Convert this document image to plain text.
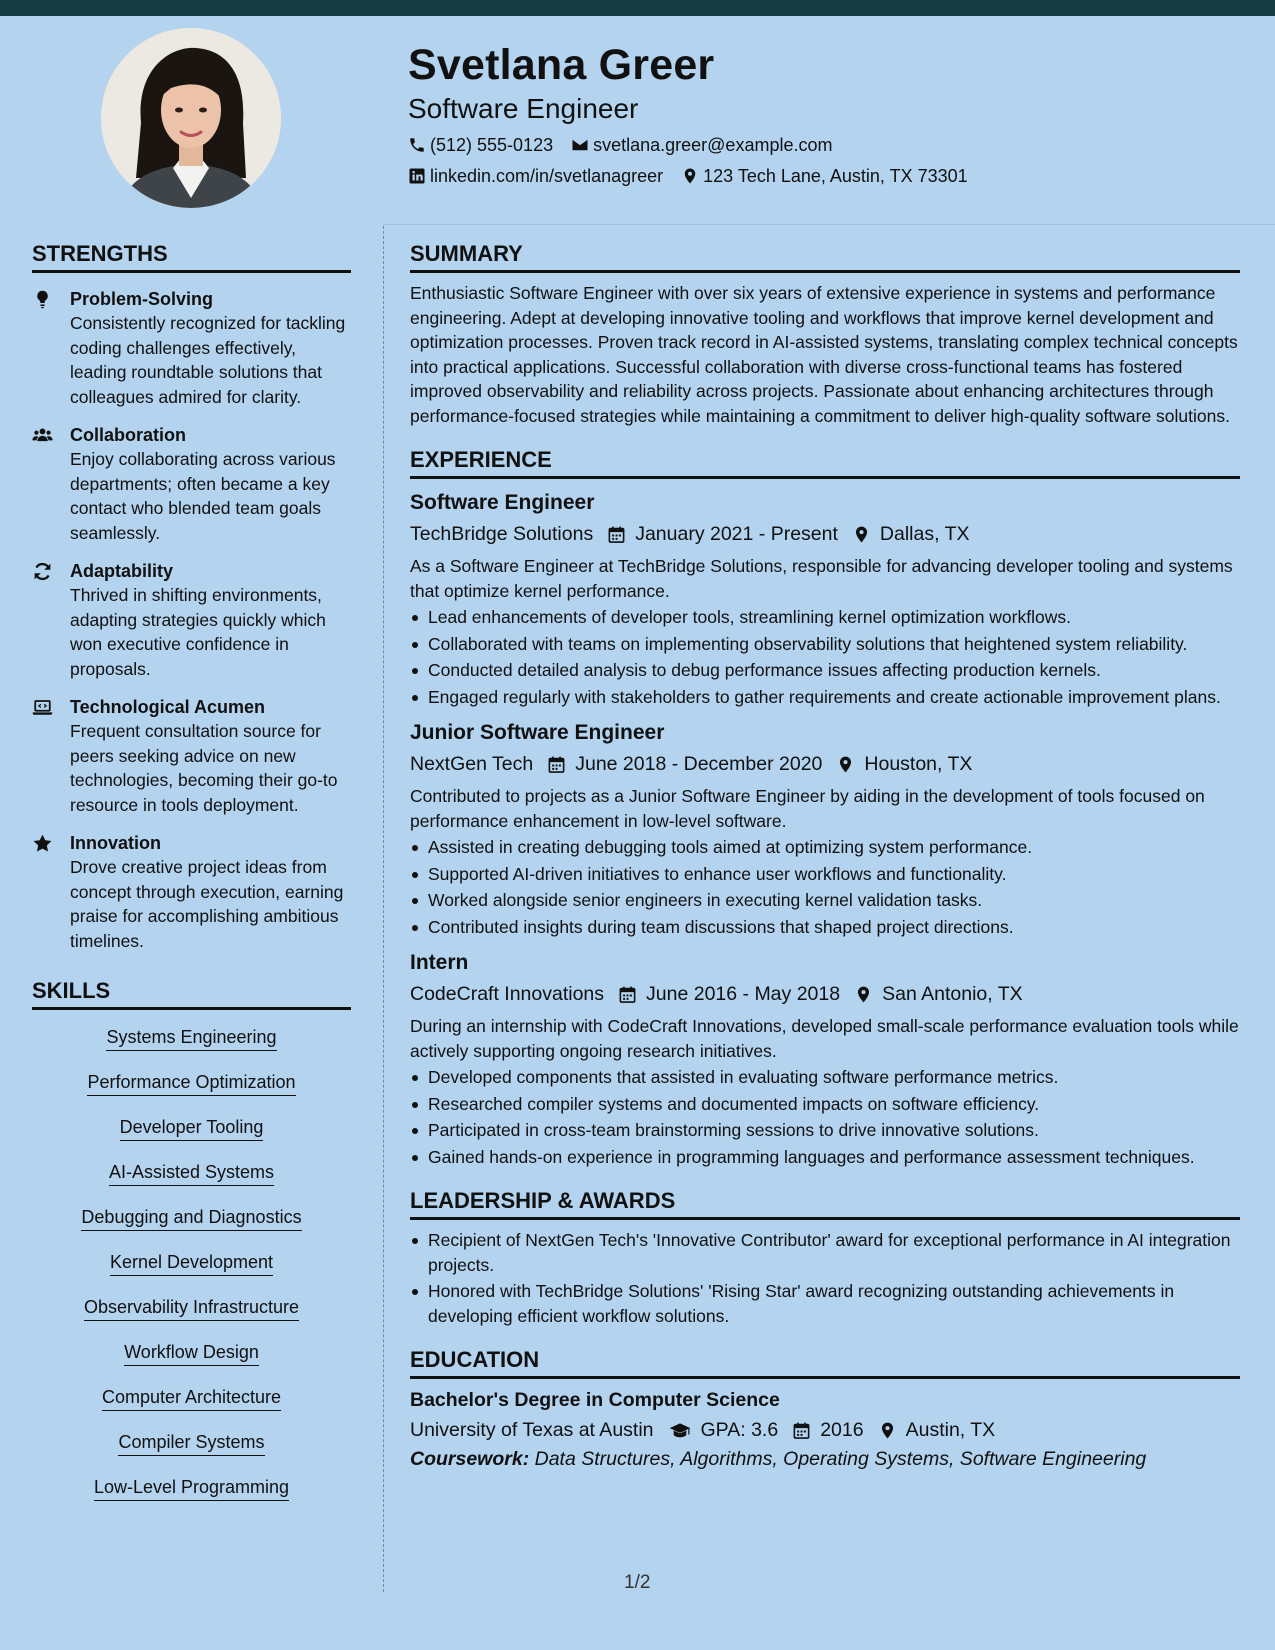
Svetlana Greer
Software Engineer
(512) 555-0123 svetlana.greer@example.com
linkedin.com/in/svetlanagreer 123 Tech Lane, Austin, TX 73301
STRENGTHS
Problem-Solving
Consistently recognized for tackling coding challenges effectively, leading roundtable solutions that colleagues admired for clarity.
Collaboration
Enjoy collaborating across various departments; often became a key contact who blended team goals seamlessly.
Adaptability
Thrived in shifting environments, adapting strategies quickly which won executive confidence in proposals.
Technological Acumen
Frequent consultation source for peers seeking advice on new technologies, becoming their go-to resource in tools deployment.
Innovation
Drove creative project ideas from concept through execution, earning praise for accomplishing ambitious timelines.
SKILLS
Systems Engineering
Performance Optimization
Developer Tooling
AI-Assisted Systems
Debugging and Diagnostics
Kernel Development
Observability Infrastructure
Workflow Design
Computer Architecture
Compiler Systems
Low-Level Programming
SUMMARY
Enthusiastic Software Engineer with over six years of extensive experience in systems and performance engineering. Adept at developing innovative tooling and workflows that improve kernel development and optimization processes. Proven track record in AI-assisted systems, translating complex technical concepts into practical applications. Successful collaboration with diverse cross-functional teams has fostered improved observability and reliability across projects. Passionate about enhancing architectures through performance-focused strategies while maintaining a commitment to deliver high-quality software solutions.
EXPERIENCE
Software Engineer
TechBridge Solutions January 2021 - Present Dallas, TX
As a Software Engineer at TechBridge Solutions, responsible for advancing developer tooling and systems that optimize kernel performance.
Lead enhancements of developer tools, streamlining kernel optimization workflows.
Collaborated with teams on implementing observability solutions that heightened system reliability.
Conducted detailed analysis to debug performance issues affecting production kernels.
Engaged regularly with stakeholders to gather requirements and create actionable improvement plans.
Junior Software Engineer
NextGen Tech June 2018 - December 2020 Houston, TX
Contributed to projects as a Junior Software Engineer by aiding in the development of tools focused on performance enhancement in low-level software.
Assisted in creating debugging tools aimed at optimizing system performance.
Supported AI-driven initiatives to enhance user workflows and functionality.
Worked alongside senior engineers in executing kernel validation tasks.
Contributed insights during team discussions that shaped project directions.
Intern
CodeCraft Innovations June 2016 - May 2018 San Antonio, TX
During an internship with CodeCraft Innovations, developed small-scale performance evaluation tools while actively supporting ongoing research initiatives.
Developed components that assisted in evaluating software performance metrics.
Researched compiler systems and documented impacts on software efficiency.
Participated in cross-team brainstorming sessions to drive innovative solutions.
Gained hands-on experience in programming languages and performance assessment techniques.
LEADERSHIP & AWARDS
Recipient of NextGen Tech's 'Innovative Contributor' award for exceptional performance in AI integration projects.
Honored with TechBridge Solutions' 'Rising Star' award recognizing outstanding achievements in developing efficient workflow solutions.
EDUCATION
Bachelor's Degree in Computer Science
University of Texas at Austin GPA: 3.6 2016 Austin, TX
Coursework: Data Structures, Algorithms, Operating Systems, Software Engineering
1/2
